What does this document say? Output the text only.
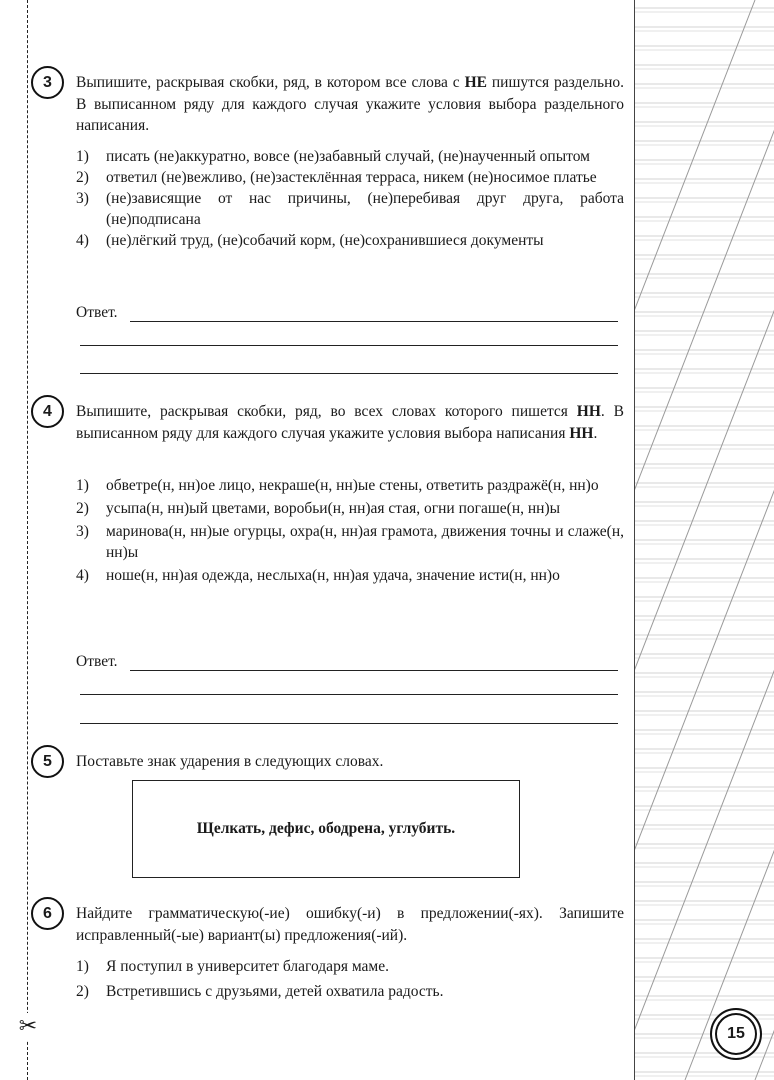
✂
3	Выпишите, раскрывая скобки, ряд, в котором все слова с НЕ пишутся раздельно. В выписанном ряду для каждого случая укажите условия выбора раздельного написания.
1) писать (не)аккуратно, вовсе (не)забавный случай, (не)наученный опытом
2) ответил (не)вежливо, (не)застеклённая терраса, никем (не)носимое платье
3) (не)зависящие от нас причины, (не)перебивая друг друга, работа (не)подписана
4) (не)лёгкий труд, (не)собачий корм, (не)сохранившиеся документы
Ответ.
4	Выпишите, раскрывая скобки, ряд, во всех словах которого пишется НН. В выписанном ряду для каждого случая укажите условия выбора написания НН.
1) обветре(н, нн)ое лицо, некраше(н, нн)ые стены, ответить раздражё(н, нн)о
2) усыпа(н, нн)ый цветами, воробьи(н, нн)ая стая, огни погаше(н, нн)ы
3) маринова(н, нн)ые огурцы, охра(н, нн)ая грамота, движения точны и слаже(н, нн)ы
4) ноше(н, нн)ая одежда, неслыха(н, нн)ая удача, значение исти(н, нн)о
Ответ.
5	Поставьте знак ударения в следующих словах.
Щелкать, дефис, ободрена, углубить.
6	Найдите грамматическую(-ие) ошибку(-и) в предложении(-ях). Запишите исправленный(-ые) вариант(ы) предложения(-ий).
1) Я поступил в университет благодаря маме.
2) Встретившись с друзьями, детей охватила радость.
15
